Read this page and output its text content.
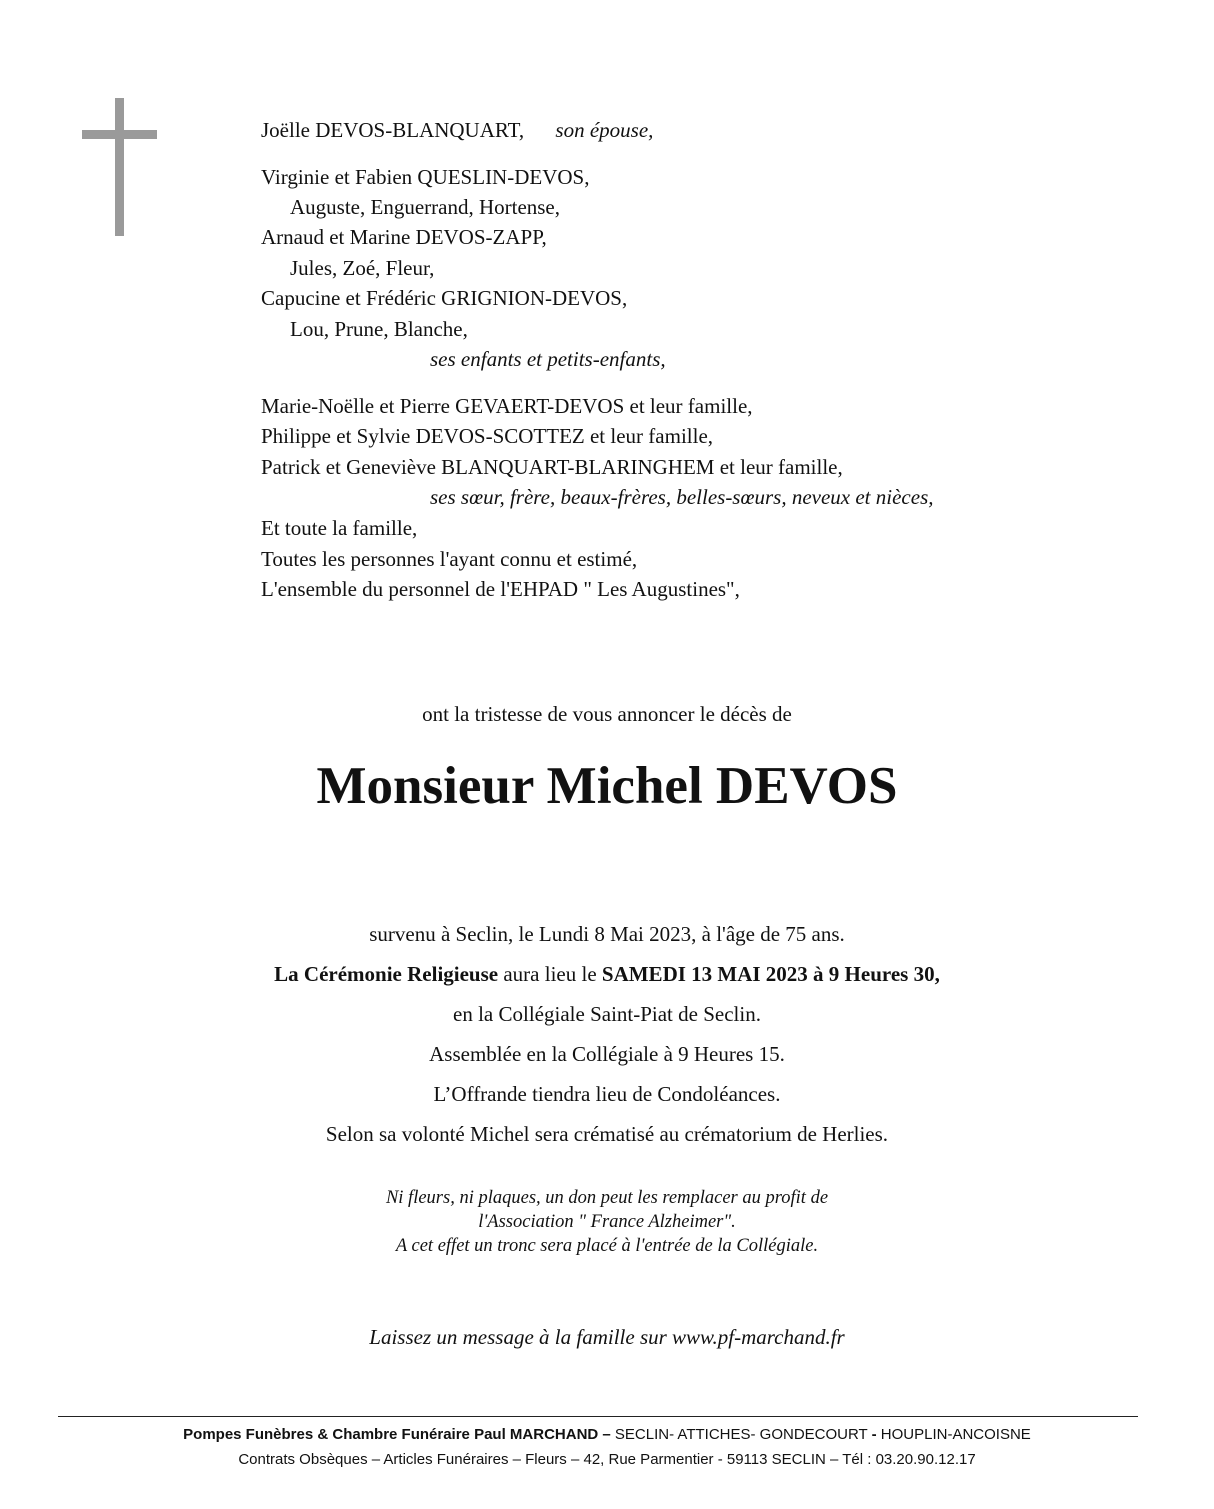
Joëlle DEVOS-BLANQUART, son épouse,
Virginie et Fabien QUESLIN-DEVOS,
Auguste, Enguerrand, Hortense,
Arnaud et Marine DEVOS-ZAPP,
Jules, Zoé, Fleur,
Capucine et Frédéric GRIGNION-DEVOS,
Lou, Prune, Blanche,
ses enfants et petits-enfants,
Marie-Noëlle et Pierre GEVAERT-DEVOS et leur famille,
Philippe et Sylvie DEVOS-SCOTTEZ et leur famille,
Patrick et Geneviève BLANQUART-BLARINGHEM et leur famille,
ses sœur, frère, beaux-frères, belles-sœurs, neveux et nièces,
Et toute la famille,
Toutes les personnes l'ayant connu et estimé,
L'ensemble du personnel de l'EHPAD " Les Augustines",
ont la tristesse de vous annoncer le décès de
Monsieur Michel DEVOS
survenu à Seclin, le Lundi 8 Mai 2023, à l'âge de 75 ans.
La Cérémonie Religieuse aura lieu le SAMEDI 13 MAI 2023 à 9 Heures 30,
en la Collégiale Saint-Piat de Seclin.
Assemblée en la Collégiale à 9 Heures 15.
L’Offrande tiendra lieu de Condoléances.
Selon sa volonté Michel sera crématisé au crématorium de Herlies.
Ni fleurs, ni plaques, un don peut les remplacer au profit de
l'Association " France Alzheimer".
A cet effet un tronc sera placé à l'entrée de la Collégiale.
Laissez un message à la famille sur www.pf-marchand.fr
Pompes Funèbres & Chambre Funéraire Paul MARCHAND – SECLIN- ATTICHES- GONDECOURT - HOUPLIN-ANCOISNE
Contrats Obsèques – Articles Funéraires – Fleurs – 42, Rue Parmentier - 59113 SECLIN – Tél : 03.20.90.12.17
